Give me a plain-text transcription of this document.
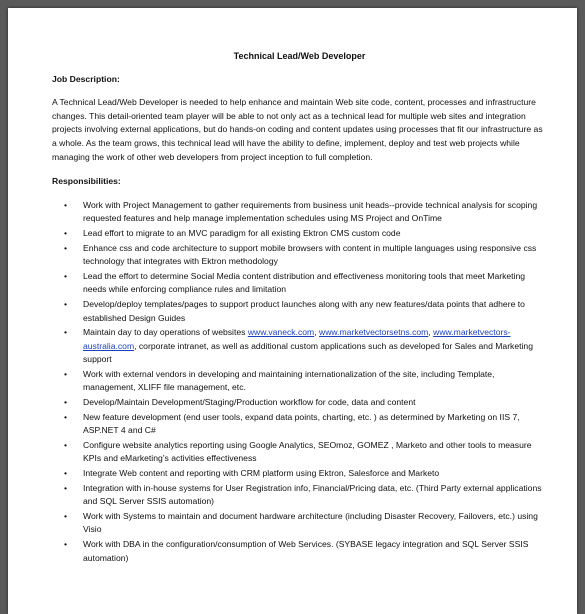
Technical Lead/Web Developer
Job Description:
A Technical Lead/Web Developer is needed to help enhance and maintain Web site code, content, processes and infrastructure changes. This detail-oriented team player will be able to not only act as a technical lead for multiple web sites and integration projects involving external applications, but do hands-on coding and content updates using processes that fit our infrastructure as a whole. As the team grows, this technical lead will have the ability to define, implement, deploy and test web projects while managing the work of other web developers from project inception to full completion.
Responsibilities:
• Work with Project Management to gather requirements from business unit heads--provide technical analysis for scoping requested features and help manage implementation schedules using MS Project and OnTime
• Lead effort to migrate to an MVC paradigm for all existing Ektron CMS custom code
• Enhance css and code architecture to support mobile browsers with content in multiple languages using responsive css technology that integrates with Ektron methodology
• Lead the effort to determine Social Media content distribution and effectiveness monitoring tools that meet Marketing needs while enforcing compliance rules and limitation
• Develop/deploy templates/pages to support product launches along with any new features/data points that adhere to established Design Guides
• Maintain day to day operations of websites www.vaneck.com, www.marketvectorsetns.com, www.marketvectors-australia.com, corporate intranet, as well as additional custom applications such as developed for Sales and Marketing support
• Work with external vendors in developing and maintaining internationalization of the site, including Template, management, XLIFF file management, etc.
• Develop/Maintain Development/Staging/Production workflow for code, data and content
• New feature development (end user tools, expand data points, charting, etc. ) as determined by Marketing on IIS 7, ASP.NET 4 and C#
• Configure website analytics reporting using Google Analytics, SEOmoz, GOMEZ , Marketo and other tools to measure KPIs and eMarketing’s activities effectiveness
• Integrate Web content and reporting with CRM platform using Ektron, Salesforce and Marketo
• Integration with in-house systems for User Registration info, Financial/Pricing data, etc. (Third Party external applications and SQL Server SSIS automation)
• Work with Systems to maintain and document hardware architecture (including Disaster Recovery, Failovers, etc.) using Visio
• Work with DBA in the configuration/consumption of Web Services. (SYBASE legacy integration and SQL Server SSIS automation)
